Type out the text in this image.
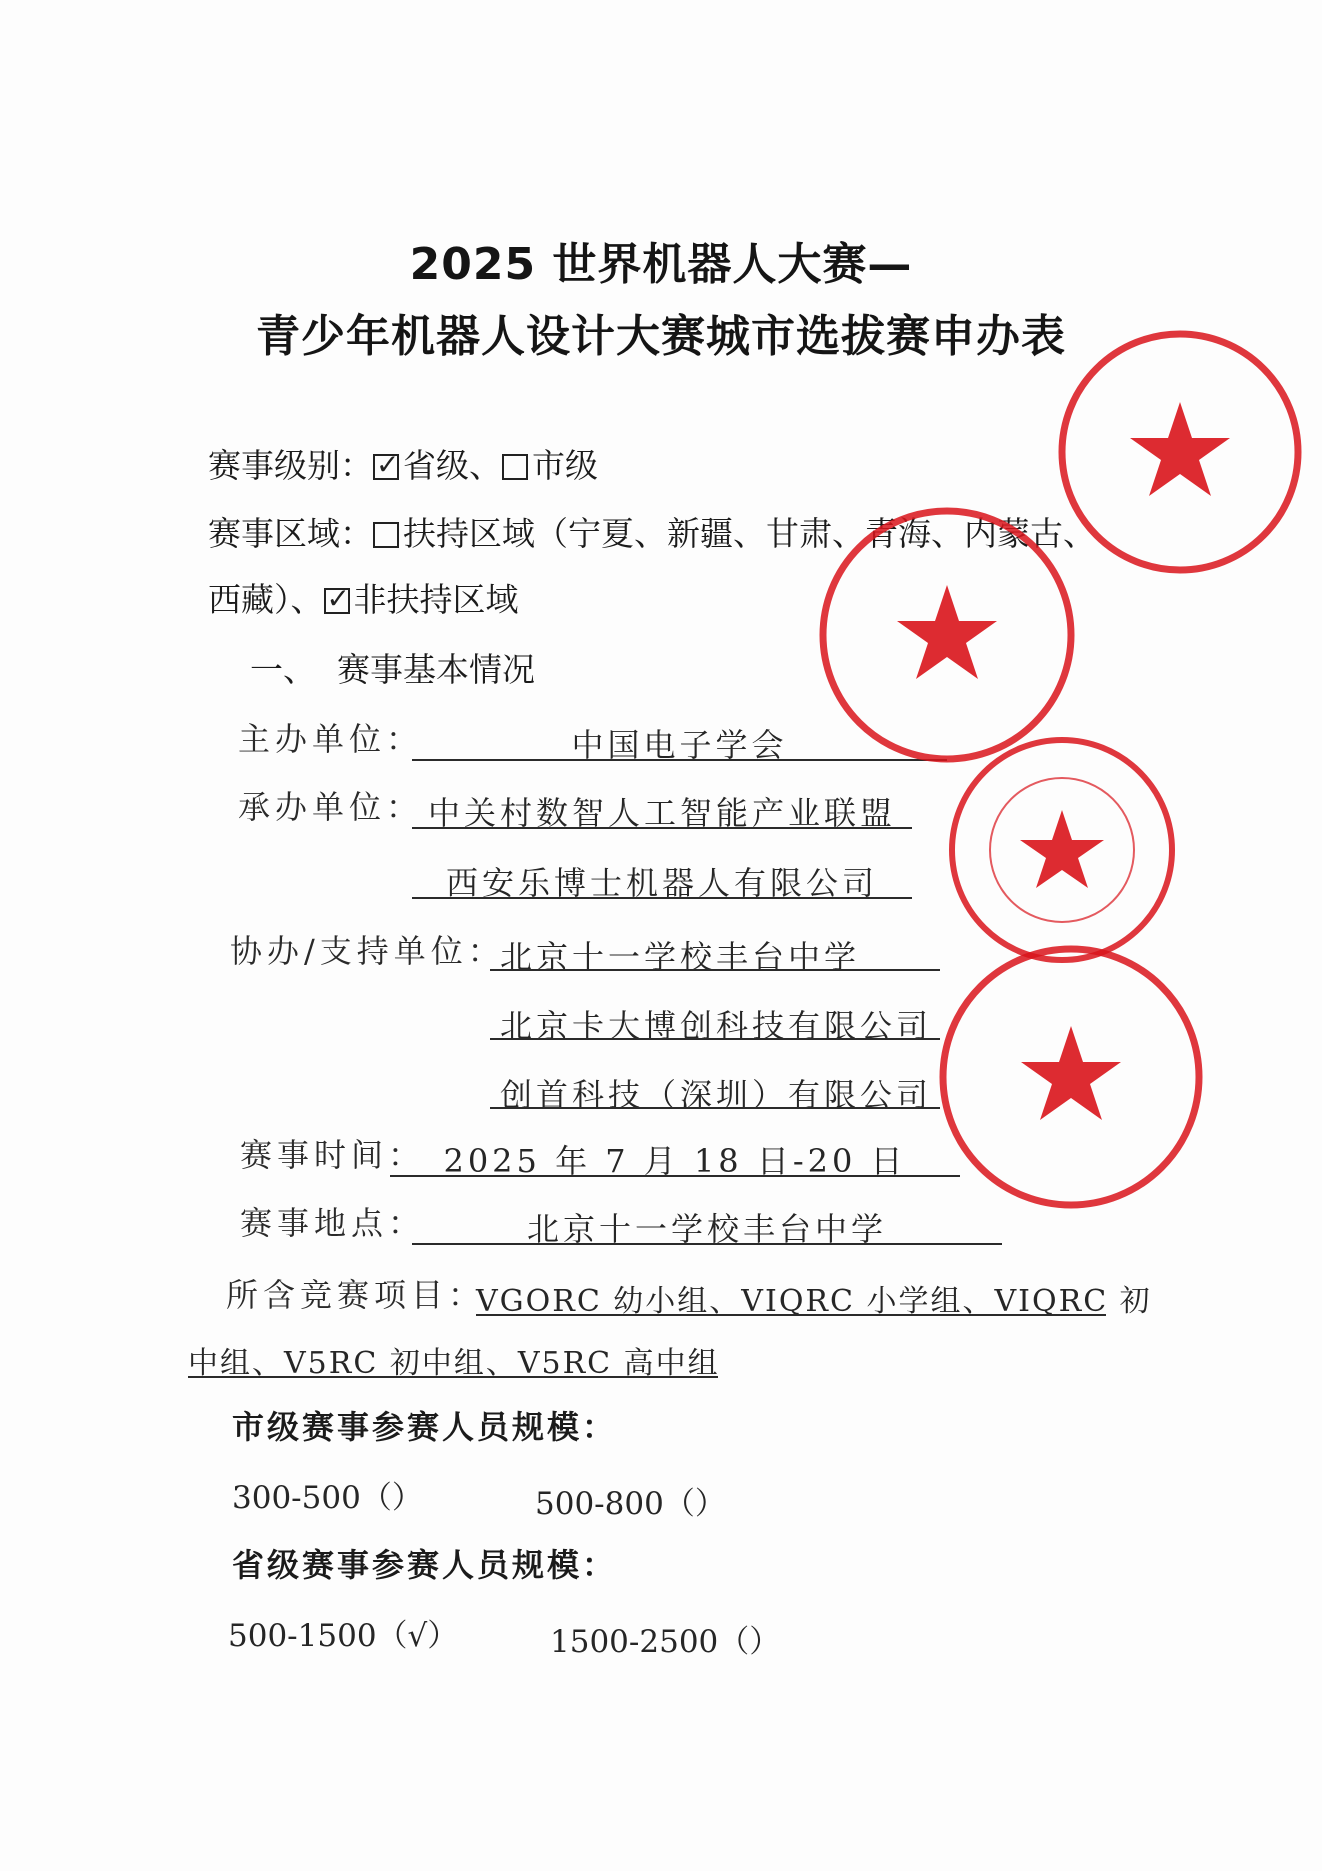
2025 世界机器人大赛—
青少年机器人设计大赛城市选拔赛申办表
赛事级别： ✓ 省级、 市级
赛事区域： 扶持区域（宁夏、新疆、甘肃、青海、内蒙古、
西藏）、 ✓ 非扶持区域
一、 赛事基本情况
主办单位：	中国电子学会
承办单位： 中关村数智人工智能产业联盟
西安乐博士机器人有限公司
协办/支持单位：
北京十一学校丰台中学
北京卡大博创科技有限公司
创首科技（深圳）有限公司
赛事时间： 2025 年 7 月 18 日-20 日
赛事地点：	北京十一学校丰台中学
所含竞赛项目：
VGORC 幼小组、VIQRC 小学组、VIQRC 初
中组、V5RC 初中组、V5RC 高中组
市级赛事参赛人员规模：
300-500（）	500-800（）
省级赛事参赛人员规模：
500-1500（√）	1500-2500（）
